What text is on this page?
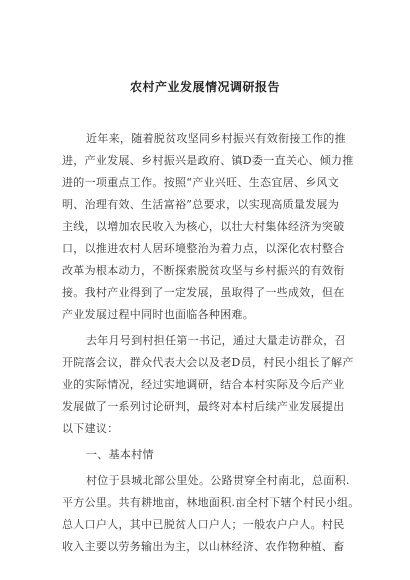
农村产业发展情况调研报告
近年来，随着脱贫攻坚同乡村振兴有效衔接工作的推
进，产业发展、乡村振兴是政府、镇D委一直关心、倾力推
进的一项重点工作。按照“产业兴旺、生态宜居、乡风文
明、治理有效、生活富裕”总要求，以实现高质量发展为
主线，以增加农民收入为核心，以壮大村集体经济为突破
口，以推进农村人居环境整治为着力点，以深化农村整合
改革为根本动力，不断探索脱贫攻坚与乡村振兴的有效衔
接。我村产业得到了一定发展，虽取得了一些成效，但在
产业发展过程中同时也面临各种困难。
去年月号到村担任第一书记，通过大量走访群众，召
开院落会议，群众代表大会以及老D员，村民小组长了解产
业的实际情况，经过实地调研，结合本村实际及今后产业
发展做了一系列讨论研判，最终对本村后续产业发展提出
以下建议：
一、基本村情
村位于县城北部公里处。公路贯穿全村南北，总面积.
平方公里。共有耕地亩，林地面积.亩全村下辖个村民小组。
总人口户人，其中已脱贫人口户人；一般农户户人。村民
收入主要以劳务输出为主，以山林经济、农作物种植、畜
